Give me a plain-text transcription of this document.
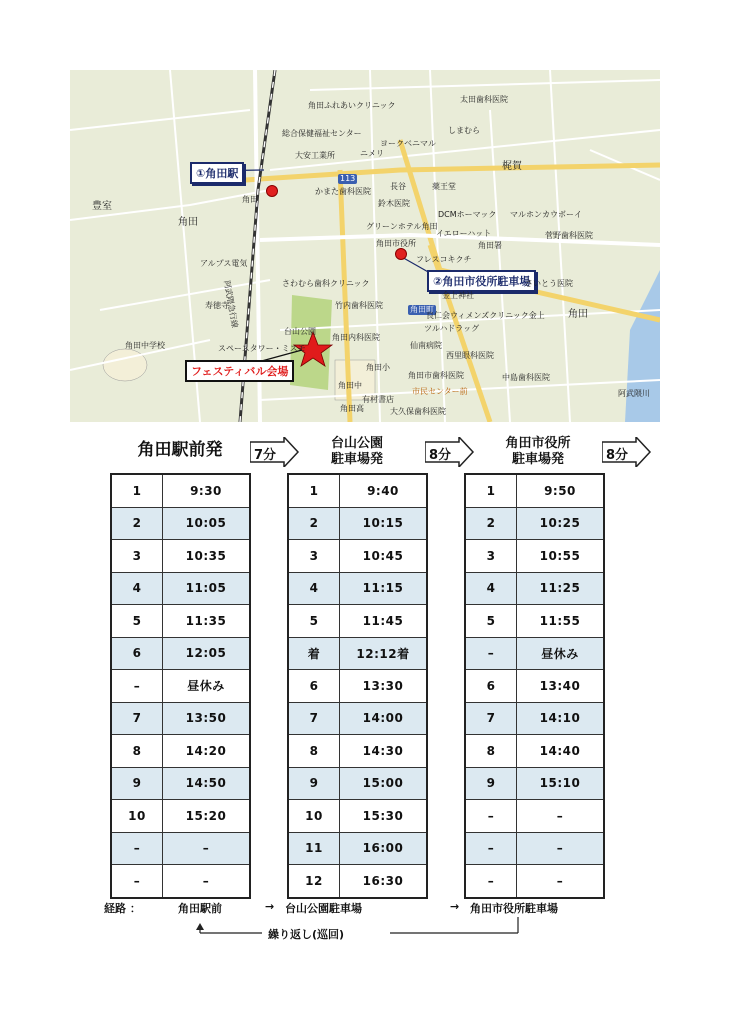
①角田駅
②角田市役所駐車場
フェスティバル会場
角田ふれあいクリニック
太田歯科医院
総合保健福祉センター	しまむら
ヨークベニマル
ニメリ
大安工業所
梶賀
薬王堂
長谷
かまた歯科医院
鈴木医院
DCMホーマック マルホンカウボーイ
グリーンホテル角田
イエローハット	菅野歯科医院
角田市役所	角田署
フレスコキクチ
豊室
角田
角田
113
アルプス電気
さわむら歯科クリニック	さいとう医院
竹内歯科医院
金上神社
角田町	角田
良仁会ウィメンズクリニック金上
ツルハドラッグ
寿徳寺
台山公園
角田内科医院
スペースタワー・ミスモ
角田中学校	仙南病院
西里眼科医院
角田小
角田市歯科医院	中島歯科医院
角田中
市民センター前
有村書店
角田高	大久保歯科医院
阿武隈川
阿武隈急行線
角田駅前発	7分
台山公園
駐車場発	8分
角田市役所
駐車場発	8分
1	9:30
2	10:05
3	10:35
4	11:05
5	11:35
6	12:05
–	昼休み
7	13:50
8	14:20
9	14:50
10	15:20
–	–
–	–
1	9:40
2	10:15
3	10:45
4	11:15
5	11:45
着	12:12着
6	13:30
7	14:00
8	14:30
9	15:00
10	15:30
11	16:00
12	16:30
1	9:50
2	10:25
3	10:55
4	11:25
5	11:55
–	昼休み
6	13:40
7	14:10
8	14:40
9	15:10
–	–
–	–
–	–
経路 ：	角田駅前	→ 台山公園駐車場	→ 角田市役所駐車場
繰り返し(巡回)
